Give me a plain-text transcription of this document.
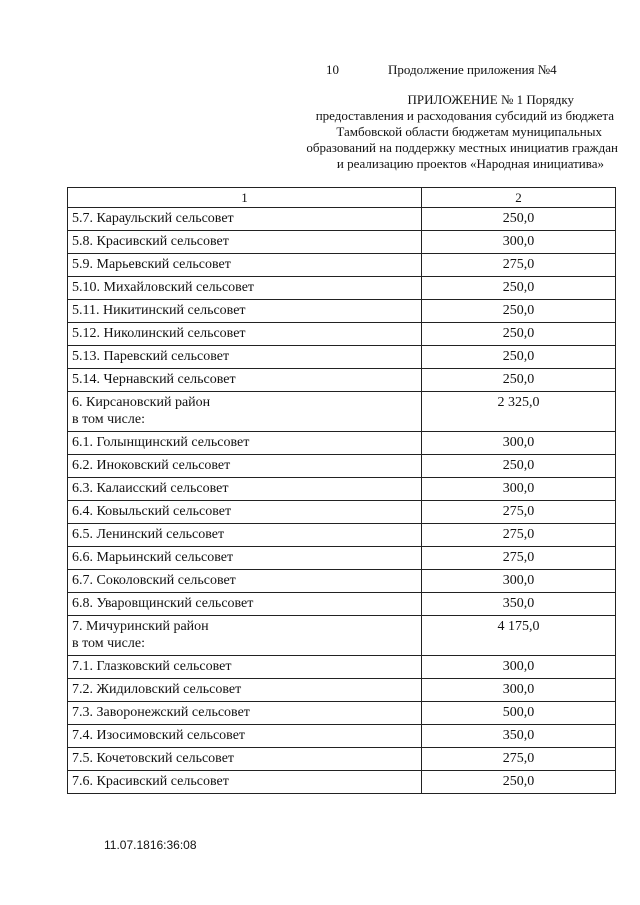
10	Продолжение приложения №4
ПРИЛОЖЕНИЕ № 1 Порядку
предоставления и расходования субсидий из бюджета
Тамбовской области бюджетам муниципальных
образований на поддержку местных инициатив граждан
и реализацию проектов «Народная инициатива»
1	2

5.7. Караульский сельсовет	250,0

5.8. Красивский сельсовет	300,0

5.9. Марьевский сельсовет	275,0

5.10. Михайловский сельсовет	250,0

5.11. Никитинский сельсовет	250,0

5.12. Николинский сельсовет	250,0

5.13. Паревский сельсовет	250,0

5.14. Чернавский сельсовет	250,0

6. Кирсановский район
в том числе:	2 325,0

6.1. Голынщинский сельсовет	300,0

6.2. Иноковский сельсовет	250,0

6.3. Калаисский сельсовет	300,0

6.4. Ковыльский сельсовет	275,0

6.5. Ленинский сельсовет	275,0

6.6. Марьинский сельсовет	275,0

6.7. Соколовский сельсовет	300,0

6.8. Уваровщинский сельсовет	350,0

7. Мичуринский район
в том числе:	4 175,0

7.1. Глазковский сельсовет	300,0

7.2. Жидиловский сельсовет	300,0

7.3. Заворонежский сельсовет	500,0

7.4. Изосимовский сельсовет	350,0

7.5. Кочетовский сельсовет	275,0

7.6. Красивский сельсовет	250,0
11.07.1816:36:08
